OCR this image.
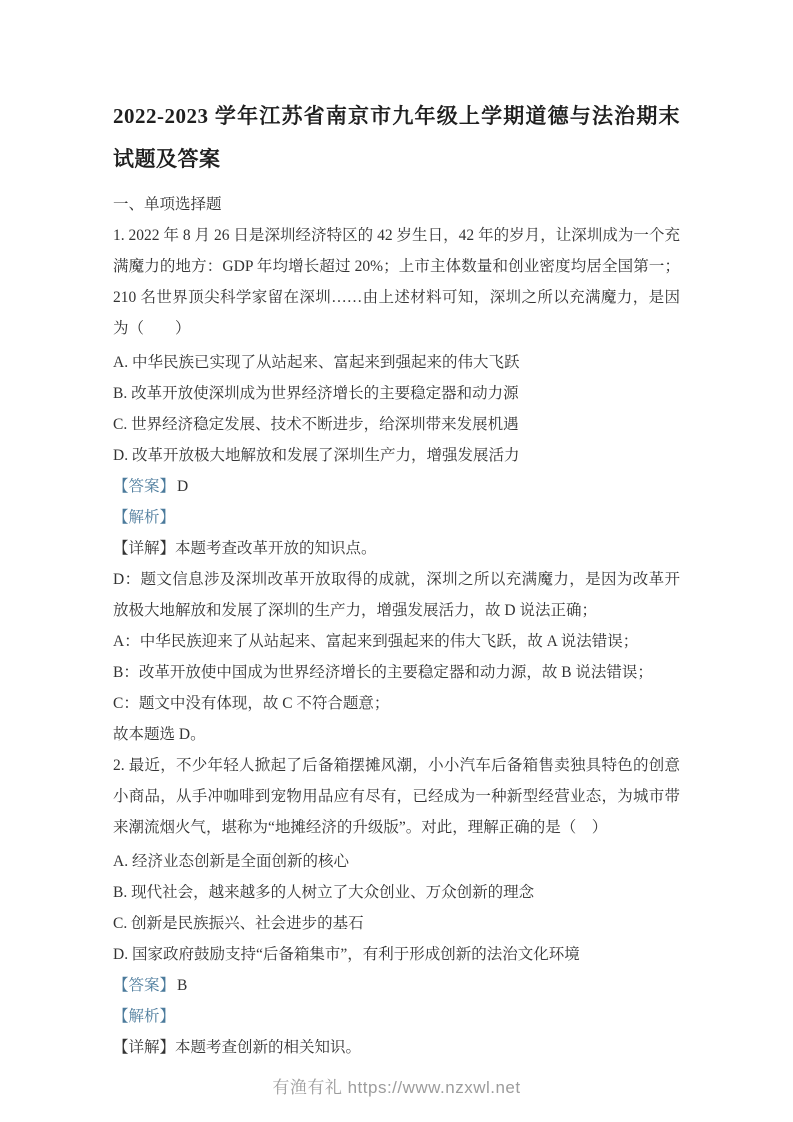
2022-2023 学年江苏省南京市九年级上学期道德与法治期末试题及答案

一、单项选择题

1. 2022 年 8 月 26 日是深圳经济特区的 42 岁生日，42 年的岁月，让深圳成为一个充满魔力的地方：GDP 年均增长超过 20%；上市主体数量和创业密度均居全国第一；210 名世界顶尖科学家留在深圳……由上述材料可知，深圳之所以充满魔力，是因为（　　）

A. 中华民族已实现了从站起来、富起来到强起来的伟大飞跃

B. 改革开放使深圳成为世界经济增长的主要稳定器和动力源

C. 世界经济稳定发展、技术不断进步，给深圳带来发展机遇

D. 改革开放极大地解放和发展了深圳生产力，增强发展活力

【答案】 D

【解析】

【详解】本题考查改革开放的知识点。

D：题文信息涉及深圳改革开放取得的成就，深圳之所以充满魔力，是因为改革开放极大地解放和发展了深圳的生产力，增强发展活力，故 D 说法正确；

A：中华民族迎来了从站起来、富起来到强起来的伟大飞跃，故 A 说法错误；

B：改革开放使中国成为世界经济增长的主要稳定器和动力源，故 B 说法错误；

C：题文中没有体现，故 C 不符合题意；

故本题选 D。

2. 最近，不少年轻人掀起了后备箱摆摊风潮，小小汽车后备箱售卖独具特色的创意小商品，从手冲咖啡到宠物用品应有尽有，已经成为一种新型经营业态，为城市带来潮流烟火气，堪称为“地摊经济的升级版”。对此，理解正确的是（　）

A. 经济业态创新是全面创新的核心

B. 现代社会，越来越多的人树立了大众创业、万众创新的理念

C. 创新是民族振兴、社会进步的基石

D. 国家政府鼓励支持“后备箱集市”，有利于形成创新的法治文化环境

【答案】 B

【解析】

【详解】本题考查创新的相关知识。

有渔有礼 https://www.nzxwl.net
